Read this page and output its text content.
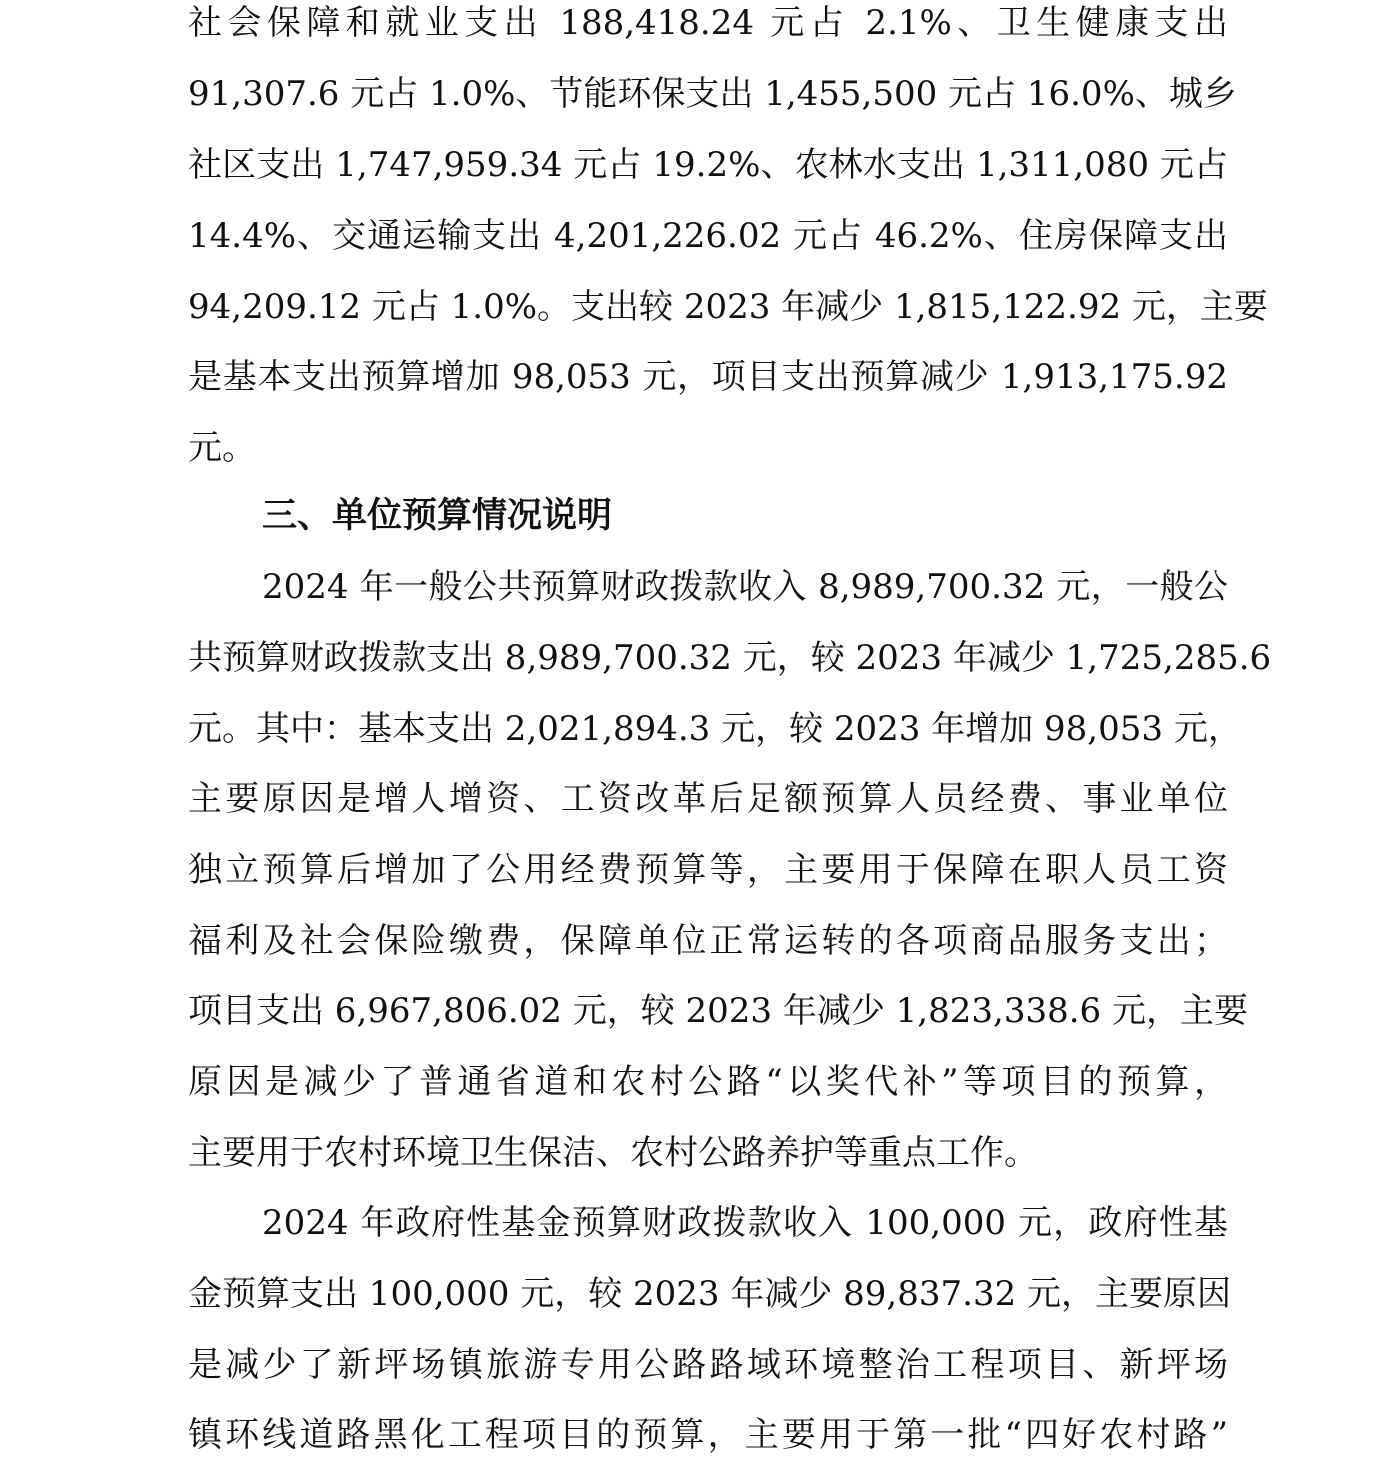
社会保障和就业支出 188,418.24 元占 2.1%、卫生健康支出

91,307.6 元占 1.0%、节能环保支出 1,455,500 元占 16.0%、城乡

社区支出 1,747,959.34 元占 19.2%、农林水支出 1,311,080 元占

14.4%、交通运输支出 4,201,226.02 元占 46.2%、住房保障支出

94,209.12 元占 1.0%。支出较 2023 年减少 1,815,122.92 元，主要

是基本支出预算增加 98,053 元，项目支出预算减少 1,913,175.92

元。

三、单位预算情况说明

2024 年一般公共预算财政拨款收入 8,989,700.32 元，一般公

共预算财政拨款支出 8,989,700.32 元，较 2023 年减少 1,725,285.6

元。其中：基本支出 2,021,894.3 元，较 2023 年增加 98,053 元，

主要原因是增人增资、工资改革后足额预算人员经费、事业单位

独立预算后增加了公用经费预算等，主要用于保障在职人员工资

福利及社会保险缴费，保障单位正常运转的各项商品服务支出；

项目支出 6,967,806.02 元，较 2023 年减少 1,823,338.6 元，主要

原因是减少了普通省道和农村公路“以奖代补”等项目的预算，

主要用于农村环境卫生保洁、农村公路养护等重点工作。

2024 年政府性基金预算财政拨款收入 100,000 元，政府性基

金预算支出 100,000 元，较 2023 年减少 89,837.32 元，主要原因

是减少了新坪场镇旅游专用公路路域环境整治工程项目、新坪场

镇环线道路黑化工程项目的预算，主要用于第一批“四好农村路”
